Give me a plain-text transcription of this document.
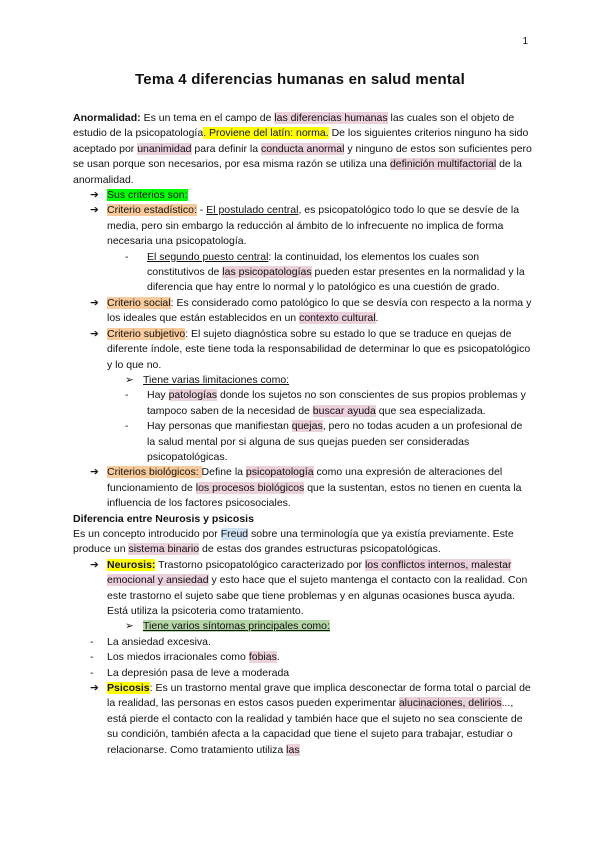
1
Tema 4 diferencias humanas en salud mental

Anormalidad: Es un tema en el campo de las diferencias humanas las cuales son el objeto de estudio de la psicopatología. Proviene del latín: norma. De los siguientes criterios ninguno ha sido aceptado por unanimidad para definir la conducta anormal y ninguno de estos son suficientes pero se usan porque son necesarios, por esa misma razón se utiliza una definición multifactorial de la anormalidad.

➔ Sus criterios son:
➔ Criterio estadístico: - El postulado central, es psicopatológico todo lo que se desvíe de la media, pero sin embargo la reducción al ámbito de lo infrecuente no implica de forma necesaria una psicopatología.
-	El segundo puesto central: la continuidad, los elementos los cuales son constitutivos de las psicopatologías pueden estar presentes en la normalidad y la diferencia que hay entre lo normal y lo patológico es una cuestión de grado.
➔ Criterio social: Es considerado como patológico lo que se desvía con respecto a la norma y los ideales que están establecidos en un contexto cultural.
➔ Criterio subjetivo: El sujeto diagnóstica sobre su estado lo que se traduce en quejas de diferente índole, este tiene toda la responsabilidad de determinar lo que es psicopatológico y lo que no.
➢ Tiene varias limitaciones como:
-	Hay patologías donde los sujetos no son conscientes de sus propios problemas y tampoco saben de la necesidad de buscar ayuda que sea especializada.
-	Hay personas que manifiestan quejas, pero no todas acuden a un profesional de la salud mental por si alguna de sus quejas pueden ser consideradas psicopatológicas.
➔ Criterios biológicos: Define la psicopatología como una expresión de alteraciones del funcionamiento de los procesos biológicos que la sustentan, estos no tienen en cuenta la influencia de los factores psicosociales.

Diferencia entre Neurosis y psicosis

Es un concepto introducido por Freud sobre una terminología que ya existía previamente. Este produce un sistema binario de estas dos grandes estructuras psicopatológicas.

➔ Neurosis: Trastorno psicopatológico caracterizado por los conflictos internos, malestar emocional y ansiedad y esto hace que el sujeto mantenga el contacto con la realidad. Con este trastorno el sujeto sabe que tiene problemas y en algunas ocasiones busca ayuda. Está utiliza la psicoteria como tratamiento.
➢ Tiene varios síntomas principales como:
-	La ansiedad excesiva.
-	Los miedos irracionales como fobias.
-	La depresión pasa de leve a moderada
➔ Psicosis: Es un trastorno mental grave que implica desconectar de forma total o parcial de la realidad, las personas en estos casos pueden experimentar alucinaciones, delirios..., está pierde el contacto con la realidad y también hace que el sujeto no sea consciente de su condición, también afecta a la capacidad que tiene el sujeto para trabajar, estudiar o relacionarse. Como tratamiento utiliza las
